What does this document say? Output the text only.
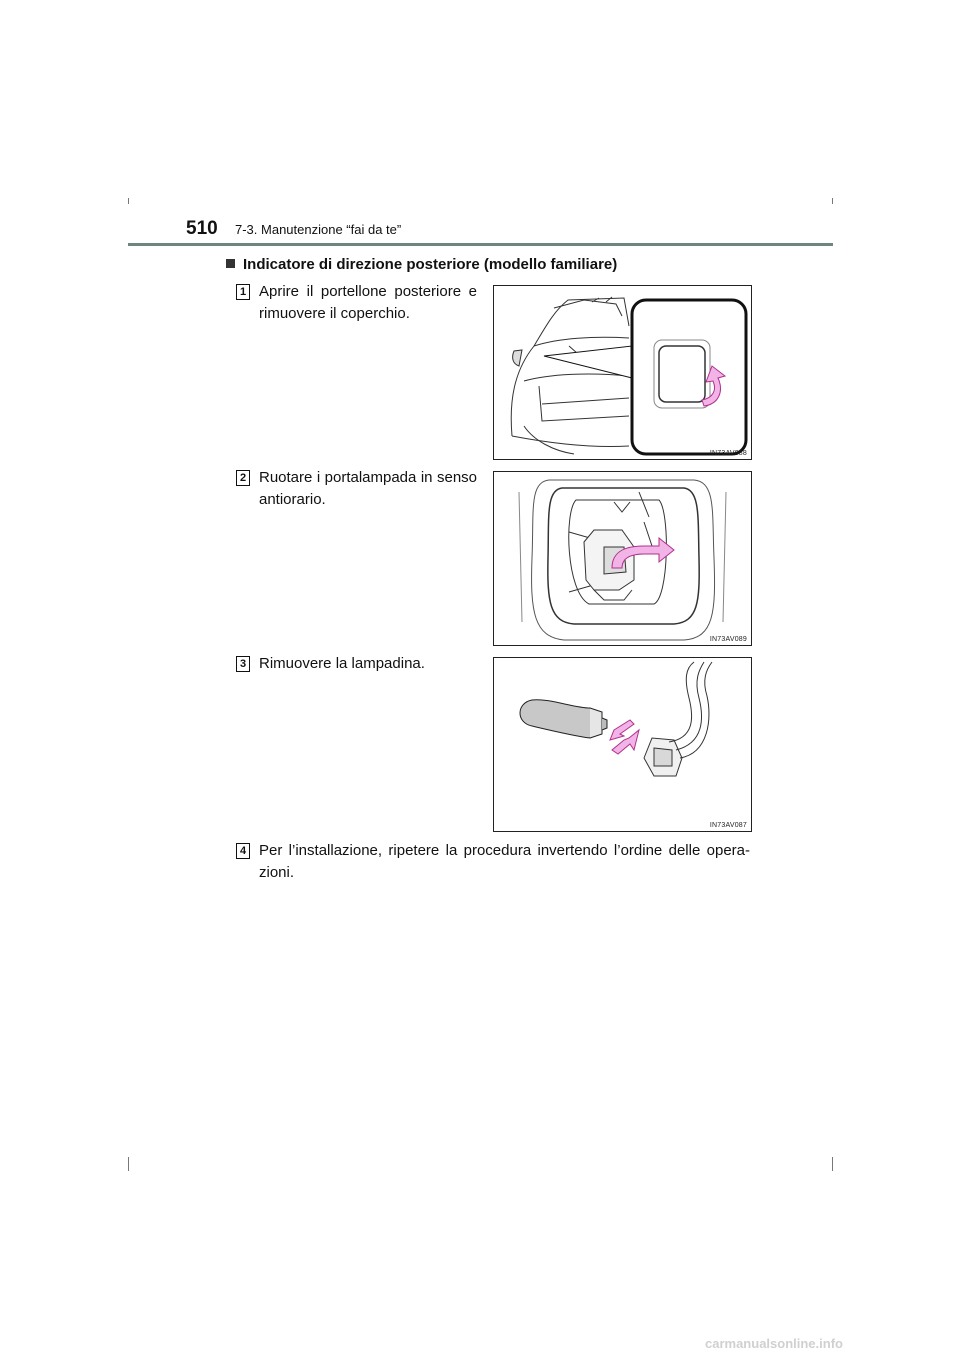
510 7-3. Manutenzione “fai da te”
Indicatore di direzione posteriore (modello familiare)
1 Aprire il portellone posteriore e rimuovere il coperchio.
IN73AV088
2 Ruotare i portalampada in senso antiorario.
IN73AV089
3 Rimuovere la lampadina.
IN73AV087
4 Per l’installazione, ripetere la procedura invertendo l’ordine delle opera-zioni.
carmanualsonline.info
